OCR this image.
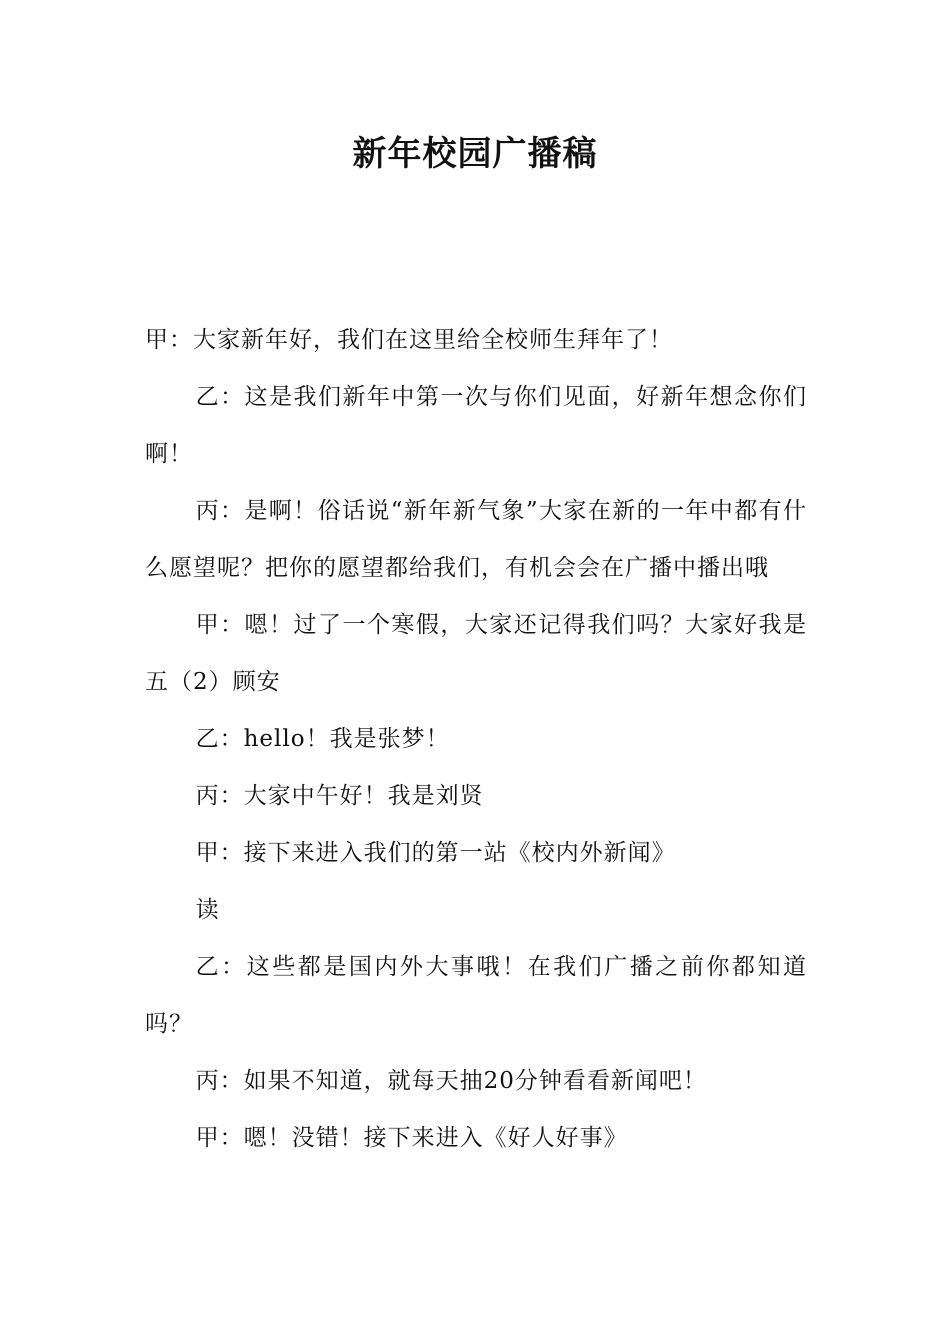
新年校园广播稿

甲：大家新年好，我们在这里给全校师生拜年了！

乙：这是我们新年中第一次与你们见面，好新年想念你们啊！

丙：是啊！俗话说“新年新气象”大家在新的一年中都有什么愿望呢？把你的愿望都给我们，有机会会在广播中播出哦

甲：嗯！过了一个寒假，大家还记得我们吗？大家好我是五（2）顾安

乙：hello！我是张梦！

丙：大家中午好！我是刘贤

甲：接下来进入我们的第一站《校内外新闻》

读

乙：这些都是国内外大事哦！在我们广播之前你都知道吗？

丙：如果不知道，就每天抽20分钟看看新闻吧！

甲：嗯！没错！接下来进入《好人好事》
